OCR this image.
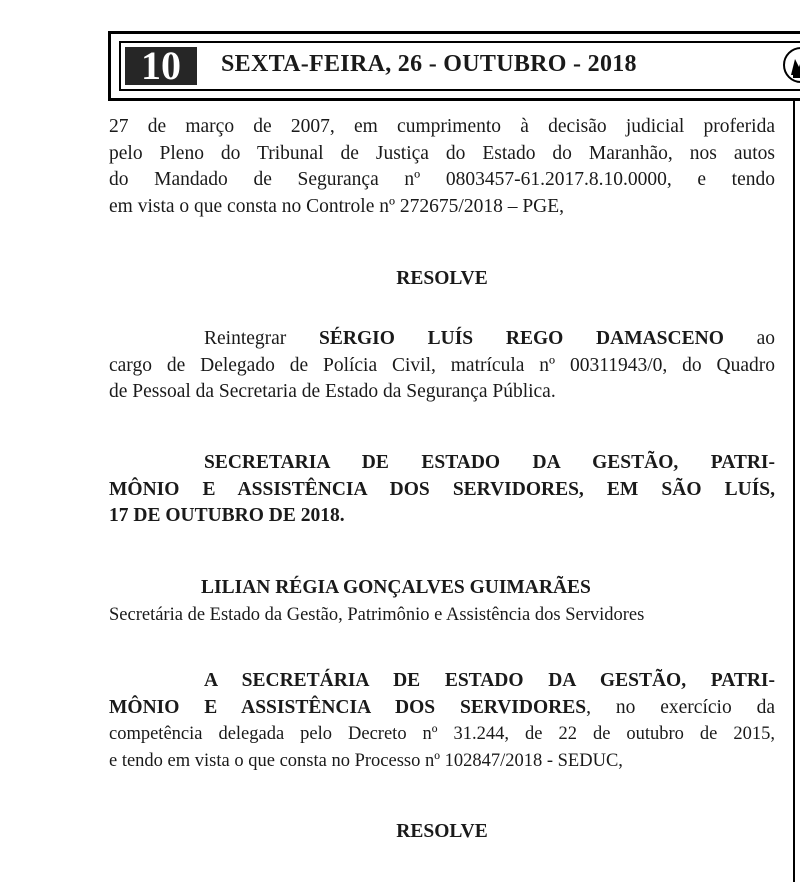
10	SEXTA-FEIRA, 26 - OUTUBRO - 2018
27 de março de 2007, em cumprimento à decisão judicial proferida
pelo Pleno do Tribunal de Justiça do Estado do Maranhão, nos autos
do Mandado de Segurança nº 0803457-61.2017.8.10.0000, e tendo
em vista o que consta no Controle nº 272675/2018 – PGE,
RESOLVE
Reintegrar SÉRGIO LUÍS REGO DAMASCENO ao
cargo de Delegado de Polícia Civil, matrícula nº 00311943/0, do Quadro
de Pessoal da Secretaria de Estado da Segurança Pública.
SECRETARIA DE ESTADO DA GESTÃO, PATRI-
MÔNIO E ASSISTÊNCIA DOS SERVIDORES, EM SÃO LUÍS,
17 DE OUTUBRO DE 2018.
LILIAN RÉGIA GONÇALVES GUIMARÃES
Secretária de Estado da Gestão, Patrimônio e Assistência dos Servidores
A SECRETÁRIA DE ESTADO DA GESTÃO, PATRI-
MÔNIO E ASSISTÊNCIA DOS SERVIDORES, no exercício da
competência delegada pelo Decreto nº 31.244, de 22 de outubro de 2015,
e tendo em vista o que consta no Processo nº 102847/2018 - SEDUC,
RESOLVE
